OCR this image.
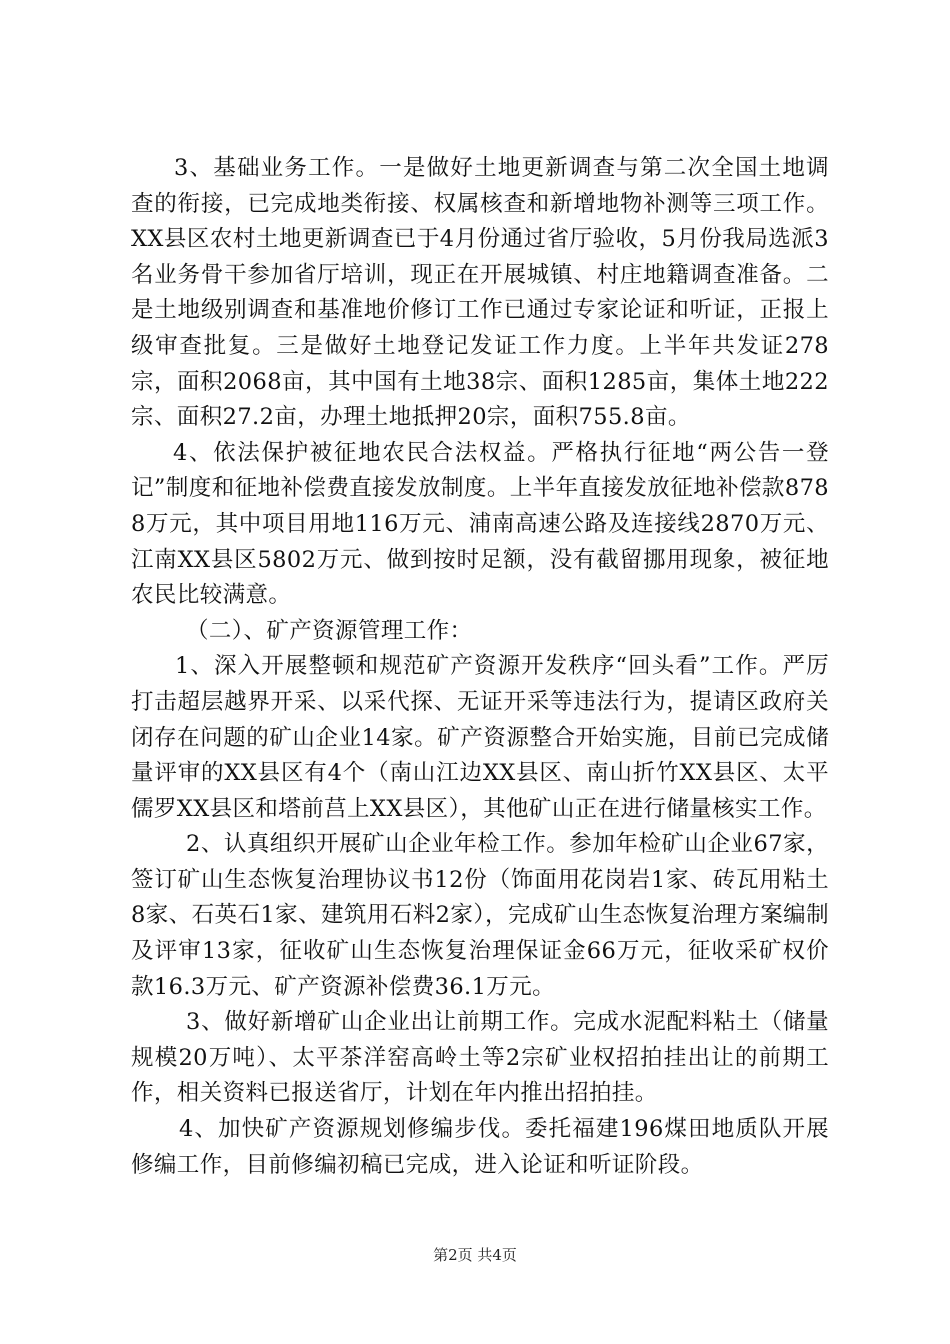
3、基础业务工作。一是做好土地更新调查与第二次全国土地调查的衔接，已完成地类衔接、权属核查和新增地物补测等三项工作。XX县区农村土地更新调查已于4月份通过省厅验收，5月份我局选派3名业务骨干参加省厅培训，现正在开展城镇、村庄地籍调查准备。二是土地级别调查和基准地价修订工作已通过专家论证和听证，正报上级审查批复。三是做好土地登记发证工作力度。上半年共发证278宗，面积2068亩，其中国有土地38宗、面积1285亩，集体土地222宗、面积27.2亩，办理土地抵押20宗，面积755.8亩。

4、依法保护被征地农民合法权益。严格执行征地“两公告一登记”制度和征地补偿费直接发放制度。上半年直接发放征地补偿款8788万元，其中项目用地116万元、浦南高速公路及连接线2870万元、江南XX县区5802万元、做到按时足额，没有截留挪用现象，被征地农民比较满意。

（二）、矿产资源管理工作：

1、深入开展整顿和规范矿产资源开发秩序“回头看”工作。严厉打击超层越界开采、以采代探、无证开采等违法行为，提请区政府关闭存在问题的矿山企业14家。矿产资源整合开始实施，目前已完成储量评审的XX县区有4个（南山江边XX县区、南山折竹XX县区、太平儒罗XX县区和塔前莒上XX县区），其他矿山正在进行储量核实工作。

2、认真组织开展矿山企业年检工作。参加年检矿山企业67家，签订矿山生态恢复治理协议书12份（饰面用花岗岩1家、砖瓦用粘土8家、石英石1家、建筑用石料2家），完成矿山生态恢复治理方案编制及评审13家，征收矿山生态恢复治理保证金66万元，征收采矿权价款16.3万元、矿产资源补偿费36.1万元。

3、做好新增矿山企业出让前期工作。完成水泥配料粘土（储量规模20万吨）、太平茶洋窑高岭土等2宗矿业权招拍挂出让的前期工作，相关资料已报送省厅，计划在年内推出招拍挂。

4、加快矿产资源规划修编步伐。委托福建196煤田地质队开展修编工作，目前修编初稿已完成，进入论证和听证阶段。

第2页 共4页
